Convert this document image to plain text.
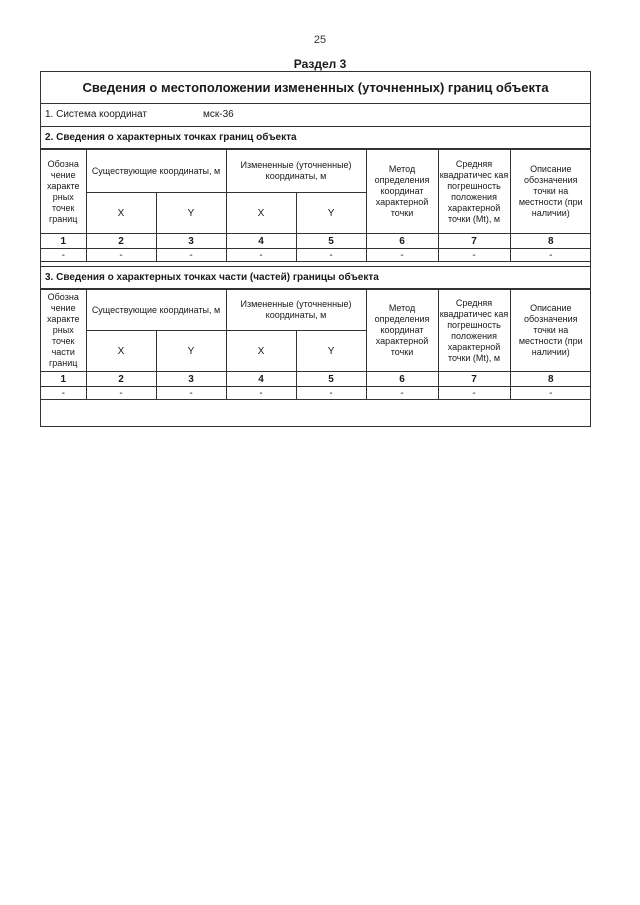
25
Раздел 3
Сведения о местоположении измененных (уточненных) границ объекта
1. Система координат	мск-36
2. Сведения о характерных точках границ объекта
Обозна чение характе рных точек границ	Существующие координаты, м		Измененные (уточненные) координаты, м		Метод определения координат характерной точки	Средняя квадратичес кая погрешность положения характерной точки (Mt), м	Описание обозначения точки на местности (при наличии)
	X	Y	X	Y			
1	2	3	4	5	6	7	8
-	-	-	-	-	-	-	-
3. Сведения о характерных точках части (частей) границы объекта
Обозна чение характе рных точек части границ	Существующие координаты, м		Измененные (уточненные) координаты, м		Метод определения координат характерной точки	Средняя квадратичес кая погрешность положения характерной точки (Mt), м	Описание обозначения точки на местности (при наличии)
	X	Y	X	Y			
1	2	3	4	5	6	7	8
-	-	-	-	-	-	-	-
